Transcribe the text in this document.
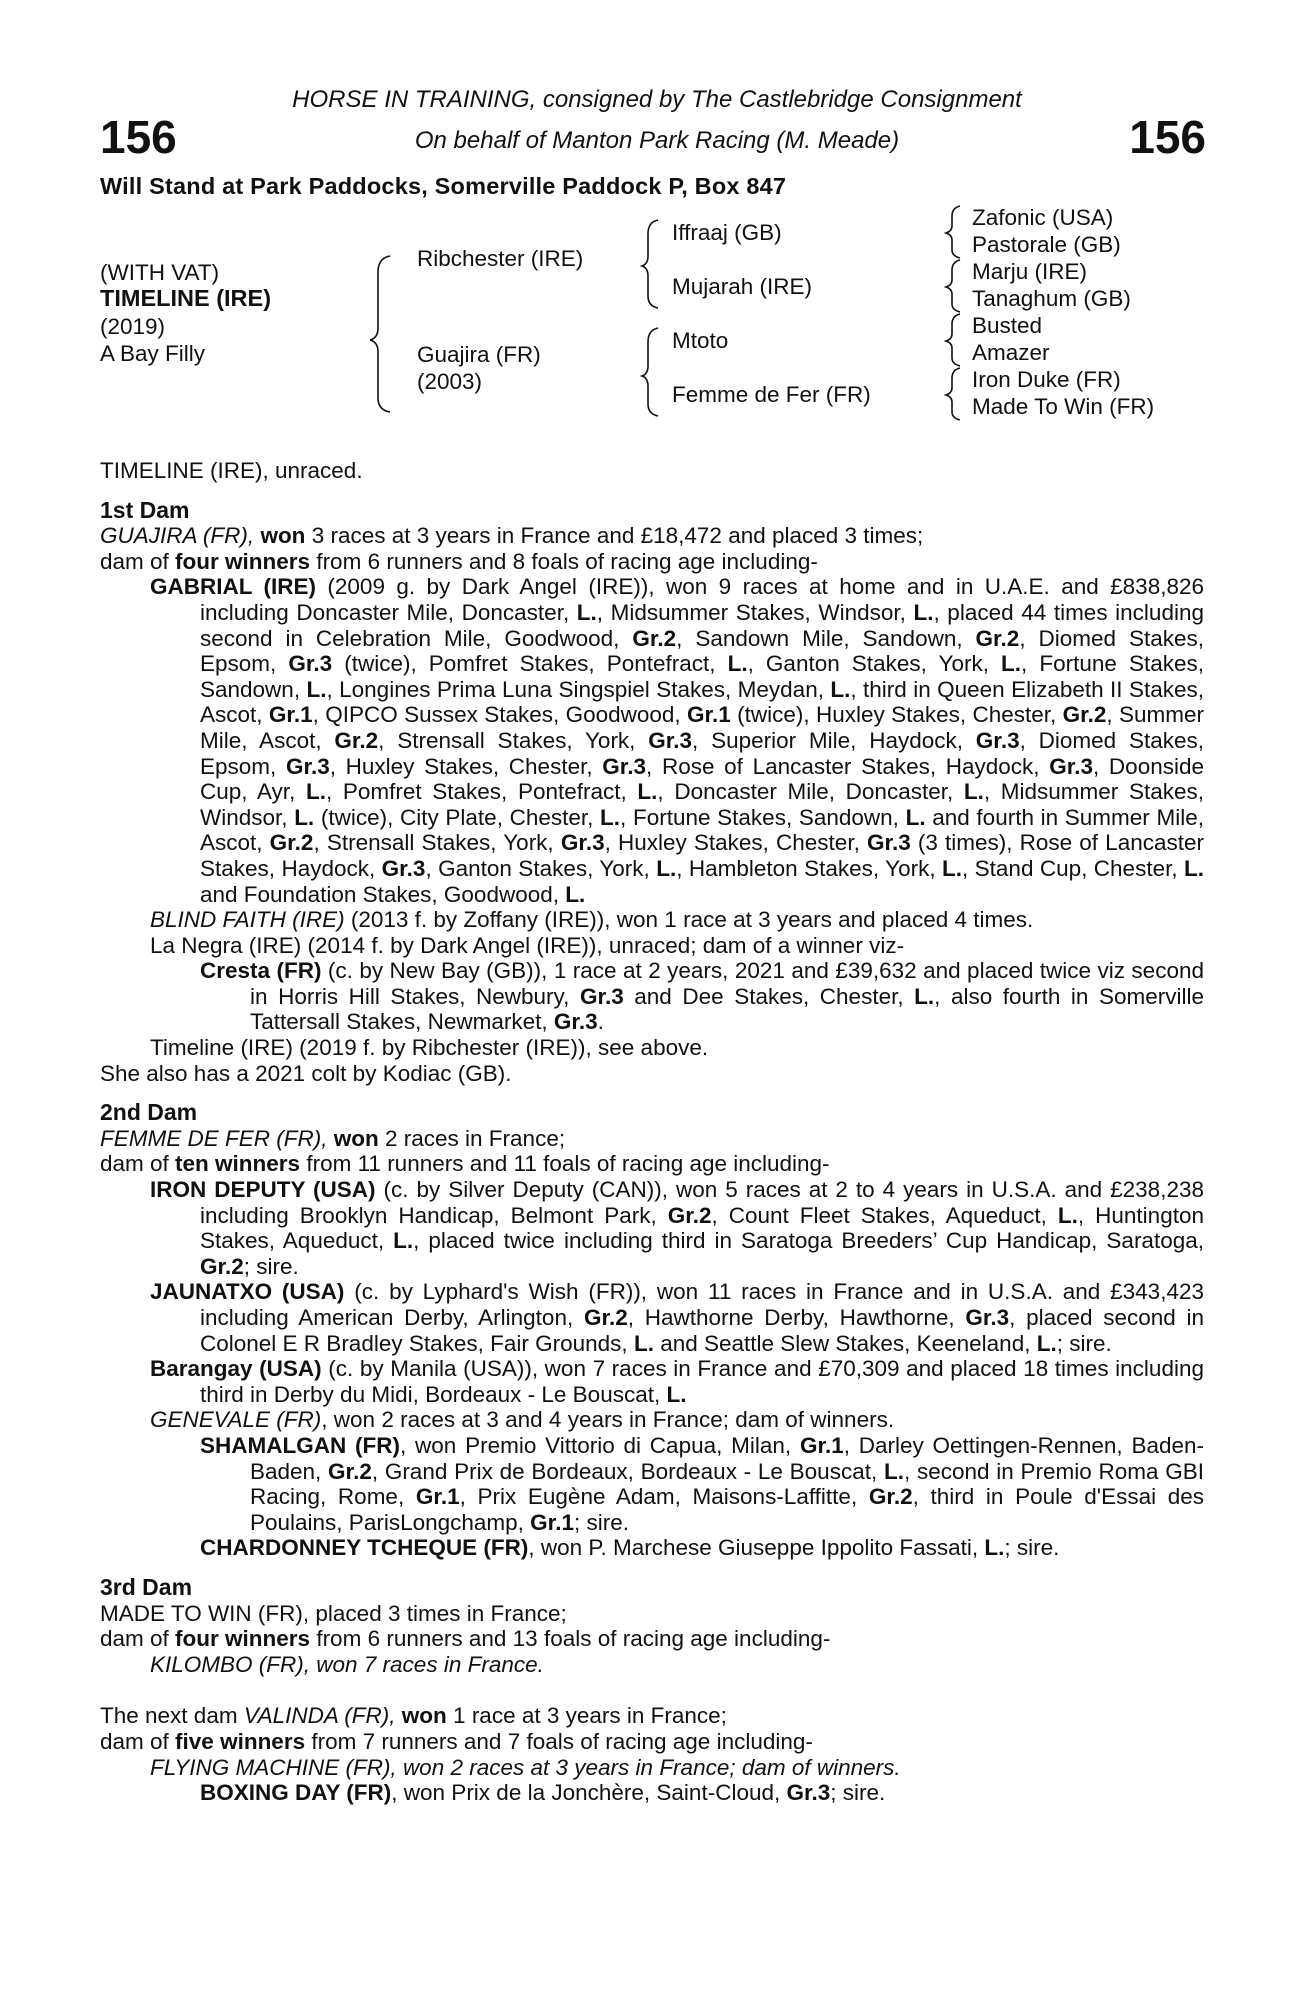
156	156
HORSE IN TRAINING, consigned by The Castlebridge Consignment
On behalf of Manton Park Racing (M. Meade)
Will Stand at Park Paddocks, Somerville Paddock P, Box 847
(WITH VAT)
TIMELINE (IRE)
(2019)
A Bay Filly
Ribchester (IRE)
Guajira (FR)
(2003)
Iffraaj (GB)
Mujarah (IRE)
Mtoto
Femme de Fer (FR)
Zafonic (USA)
Pastorale (GB)
Marju (IRE)
Tanaghum (GB)
Busted
Amazer
Iron Duke (FR)
Made To Win (FR)

TIMELINE (IRE), unraced.

1st Dam

GUAJIRA (FR), won 3 races at 3 years in France and £18,472 and placed 3 times;

dam of four winners from 6 runners and 8 foals of racing age including-

GABRIAL (IRE) (2009 g. by Dark Angel (IRE)), won 9 races at home and in U.A.E. and £838,826 including Doncaster Mile, Doncaster, L., Midsummer Stakes, Windsor, L., placed 44 times including second in Celebration Mile, Goodwood, Gr.2, Sandown Mile, Sandown, Gr.2, Diomed Stakes, Epsom, Gr.3 (twice), Pomfret Stakes, Pontefract, L., Ganton Stakes, York, L., Fortune Stakes, Sandown, L., Longines Prima Luna Singspiel Stakes, Meydan, L., third in Queen Elizabeth II Stakes, Ascot, Gr.1, QIPCO Sussex Stakes, Goodwood, Gr.1 (twice), Huxley Stakes, Chester, Gr.2, Summer Mile, Ascot, Gr.2, Strensall Stakes, York, Gr.3, Superior Mile, Haydock, Gr.3, Diomed Stakes, Epsom, Gr.3, Huxley Stakes, Chester, Gr.3, Rose of Lancaster Stakes, Haydock, Gr.3, Doonside Cup, Ayr, L., Pomfret Stakes, Pontefract, L., Doncaster Mile, Doncaster, L., Midsummer Stakes, Windsor, L. (twice), City Plate, Chester, L., Fortune Stakes, Sandown, L. and fourth in Summer Mile, Ascot, Gr.2, Strensall Stakes, York, Gr.3, Huxley Stakes, Chester, Gr.3 (3 times), Rose of Lancaster Stakes, Haydock, Gr.3, Ganton Stakes, York, L., Hambleton Stakes, York, L., Stand Cup, Chester, L. and Foundation Stakes, Goodwood, L.

BLIND FAITH (IRE) (2013 f. by Zoffany (IRE)), won 1 race at 3 years and placed 4 times.

La Negra (IRE) (2014 f. by Dark Angel (IRE)), unraced; dam of a winner viz-

Cresta (FR) (c. by New Bay (GB)), 1 race at 2 years, 2021 and £39,632 and placed twice viz second in Horris Hill Stakes, Newbury, Gr.3 and Dee Stakes, Chester, L., also fourth in Somerville Tattersall Stakes, Newmarket, Gr.3.

Timeline (IRE) (2019 f. by Ribchester (IRE)), see above.

She also has a 2021 colt by Kodiac (GB).

2nd Dam

FEMME DE FER (FR), won 2 races in France;

dam of ten winners from 11 runners and 11 foals of racing age including-

IRON DEPUTY (USA) (c. by Silver Deputy (CAN)), won 5 races at 2 to 4 years in U.S.A. and £238,238 including Brooklyn Handicap, Belmont Park, Gr.2, Count Fleet Stakes, Aqueduct, L., Huntington Stakes, Aqueduct, L., placed twice including third in Saratoga Breeders’ Cup Handicap, Saratoga, Gr.2; sire.

JAUNATXO (USA) (c. by Lyphard's Wish (FR)), won 11 races in France and in U.S.A. and £343,423 including American Derby, Arlington, Gr.2, Hawthorne Derby, Hawthorne, Gr.3, placed second in Colonel E R Bradley Stakes, Fair Grounds, L. and Seattle Slew Stakes, Keeneland, L.; sire.

Barangay (USA) (c. by Manila (USA)), won 7 races in France and £70,309 and placed 18 times including third in Derby du Midi, Bordeaux - Le Bouscat, L.

GENEVALE (FR), won 2 races at 3 and 4 years in France; dam of winners.

SHAMALGAN (FR), won Premio Vittorio di Capua, Milan, Gr.1, Darley Oettingen-Rennen, Baden-Baden, Gr.2, Grand Prix de Bordeaux, Bordeaux - Le Bouscat, L., second in Premio Roma GBI Racing, Rome, Gr.1, Prix Eugène Adam, Maisons-Laffitte, Gr.2, third in Poule d'Essai des Poulains, ParisLongchamp, Gr.1; sire.

CHARDONNEY TCHEQUE (FR), won P. Marchese Giuseppe Ippolito Fassati, L.; sire.

3rd Dam

MADE TO WIN (FR), placed 3 times in France;

dam of four winners from 6 runners and 13 foals of racing age including-

KILOMBO (FR), won 7 races in France.

The next dam VALINDA (FR), won 1 race at 3 years in France;

dam of five winners from 7 runners and 7 foals of racing age including-

FLYING MACHINE (FR), won 2 races at 3 years in France; dam of winners.

BOXING DAY (FR), won Prix de la Jonchère, Saint-Cloud, Gr.3; sire.
